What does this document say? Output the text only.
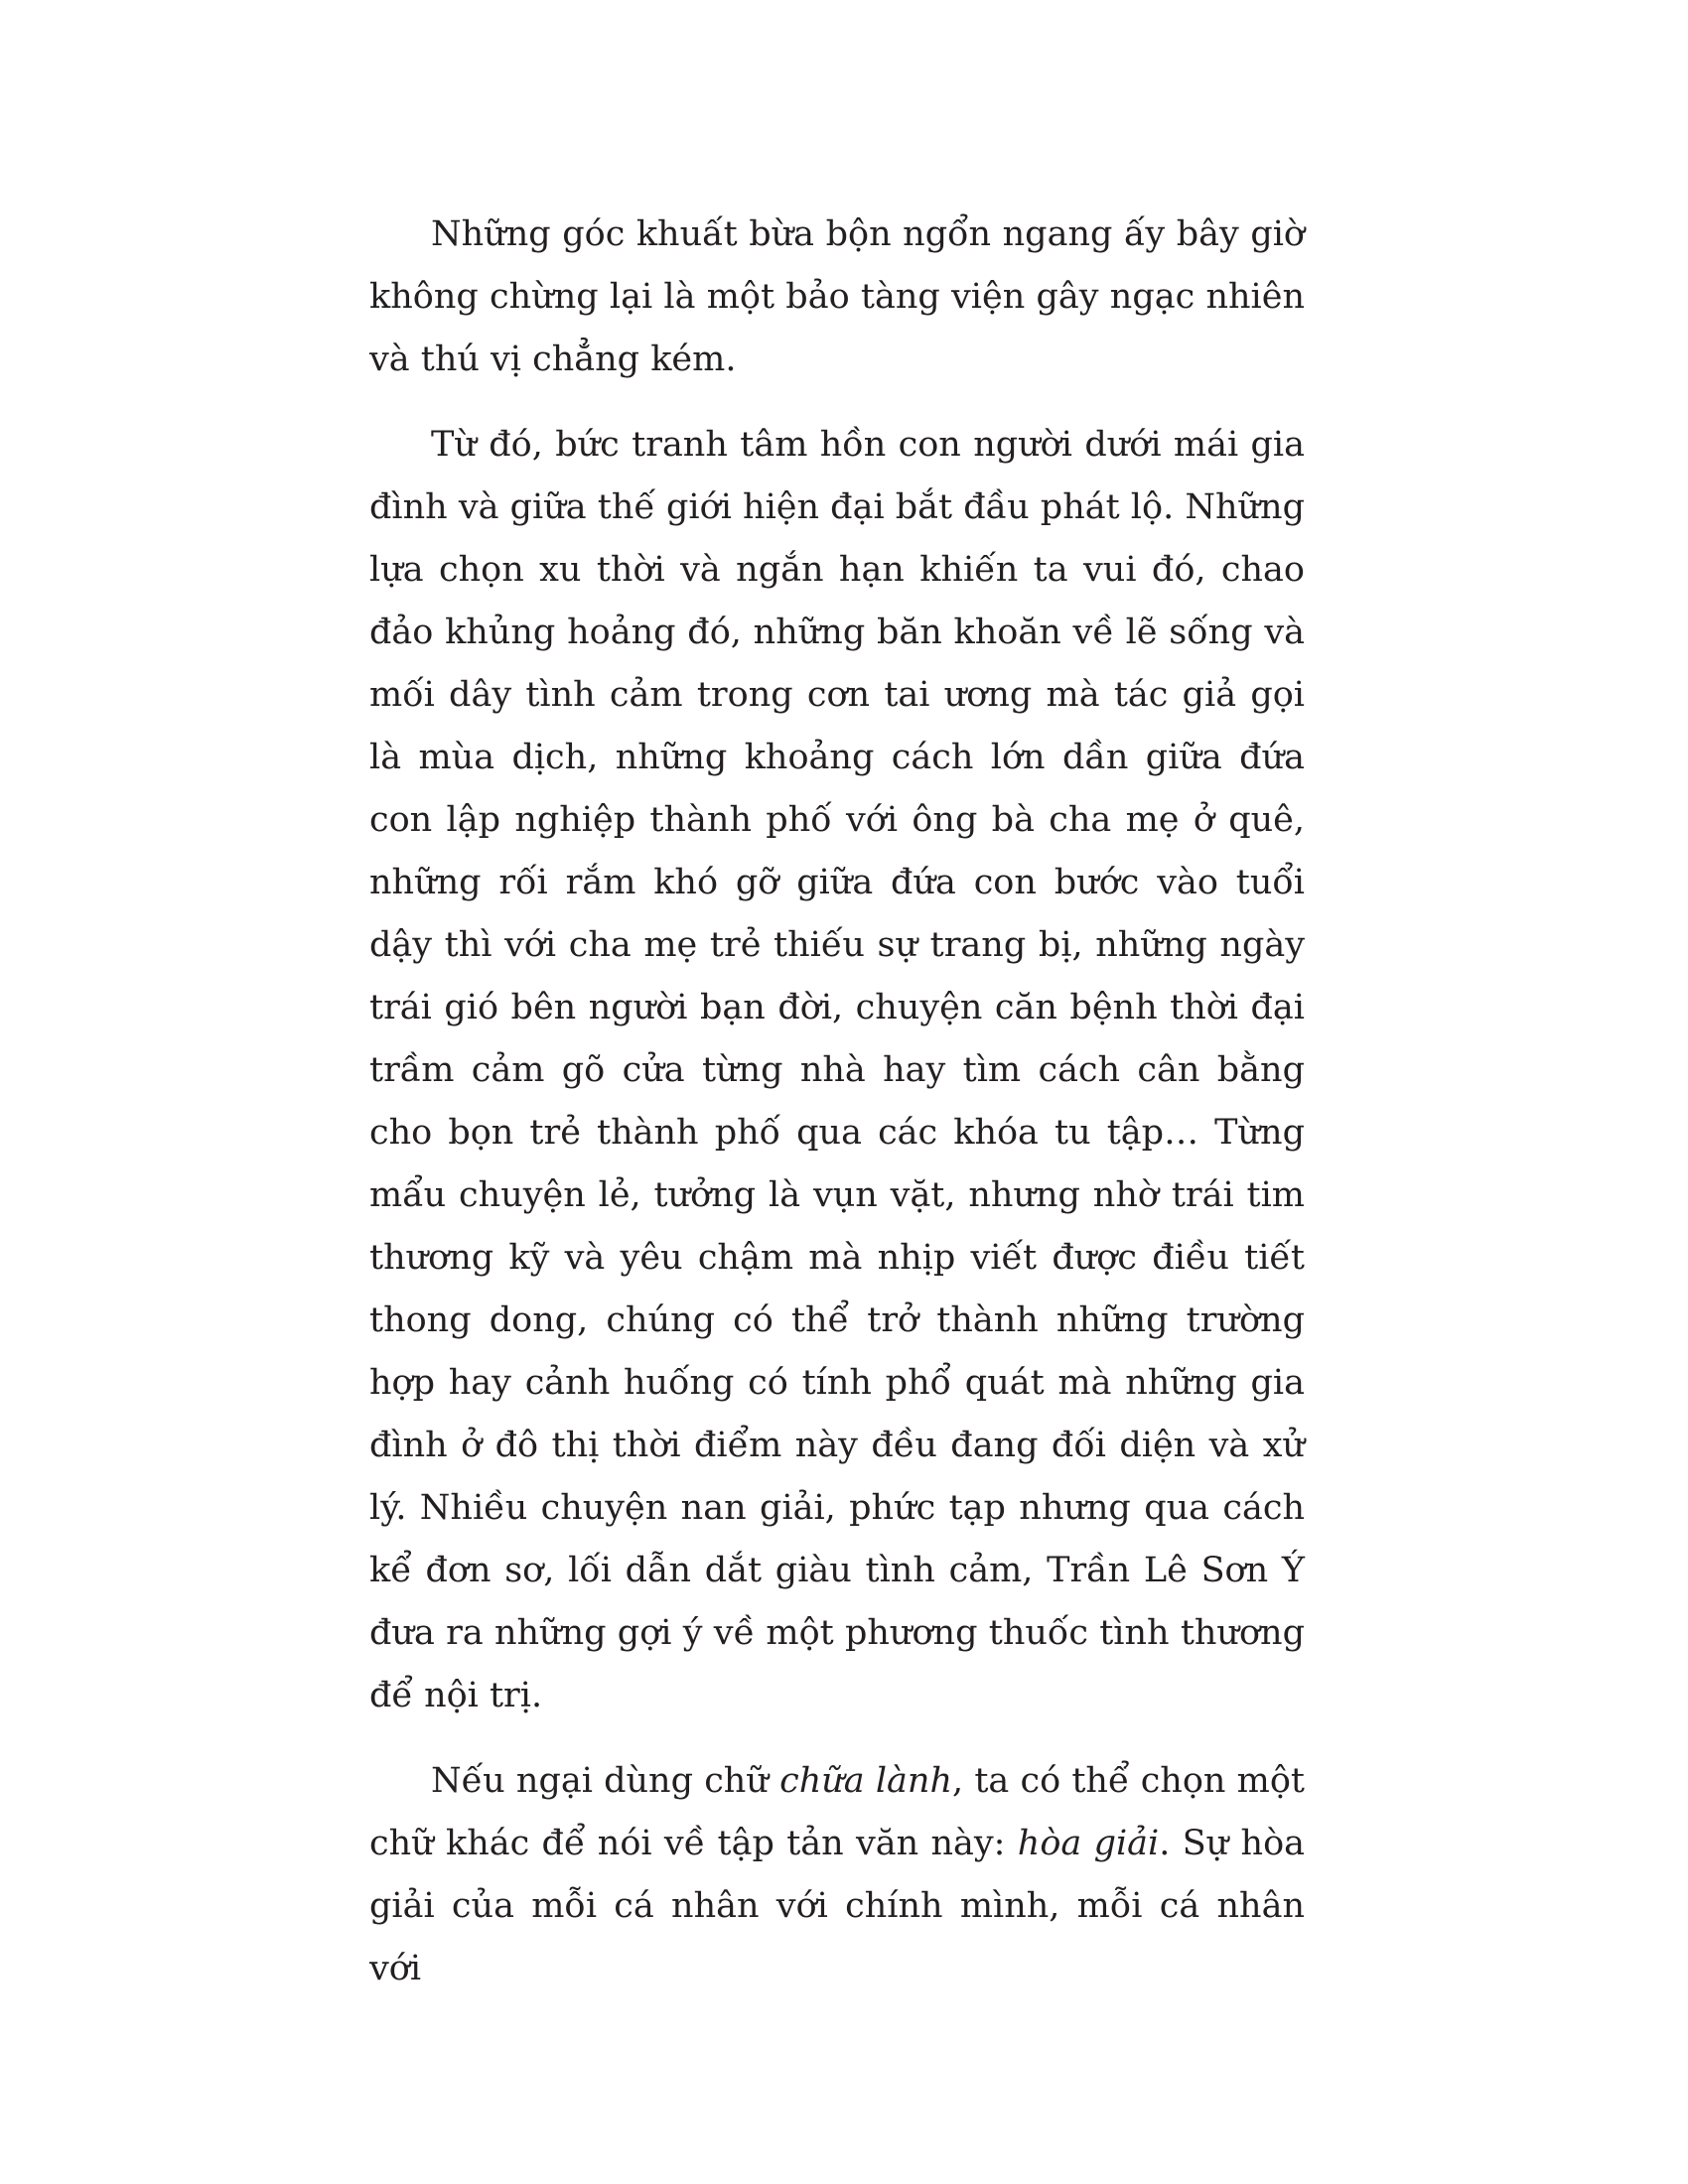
Những góc khuất bừa bộn ngổn ngang ấy bây giờ không chừng lại là một bảo tàng viện gây ngạc nhiên và thú vị chẳng kém.

Từ đó, bức tranh tâm hồn con người dưới mái gia đình và giữa thế giới hiện đại bắt đầu phát lộ. Những lựa chọn xu thời và ngắn hạn khiến ta vui đó, chao đảo khủng hoảng đó, những băn khoăn về lẽ sống và mối dây tình cảm trong cơn tai ương mà tác giả gọi là mùa dịch, những khoảng cách lớn dần giữa đứa con lập nghiệp thành phố với ông bà cha mẹ ở quê, những rối rắm khó gỡ giữa đứa con bước vào tuổi dậy thì với cha mẹ trẻ thiếu sự trang bị, những ngày trái gió bên người bạn đời, chuyện căn bệnh thời đại trầm cảm gõ cửa từng nhà hay tìm cách cân bằng cho bọn trẻ thành phố qua các khóa tu tập… Từng mẩu chuyện lẻ, tưởng là vụn vặt, nhưng nhờ trái tim thương kỹ và yêu chậm mà nhịp viết được điều tiết thong dong, chúng có thể trở thành những trường hợp hay cảnh huống có tính phổ quát mà những gia đình ở đô thị thời điểm này đều đang đối diện và xử lý. Nhiều chuyện nan giải, phức tạp nhưng qua cách kể đơn sơ, lối dẫn dắt giàu tình cảm, Trần Lê Sơn Ý đưa ra những gợi ý về một phương thuốc tình thương để nội trị.

Nếu ngại dùng chữ chữa lành, ta có thể chọn một chữ khác để nói về tập tản văn này: hòa giải. Sự hòa giải của mỗi cá nhân với chính mình, mỗi cá nhân với
